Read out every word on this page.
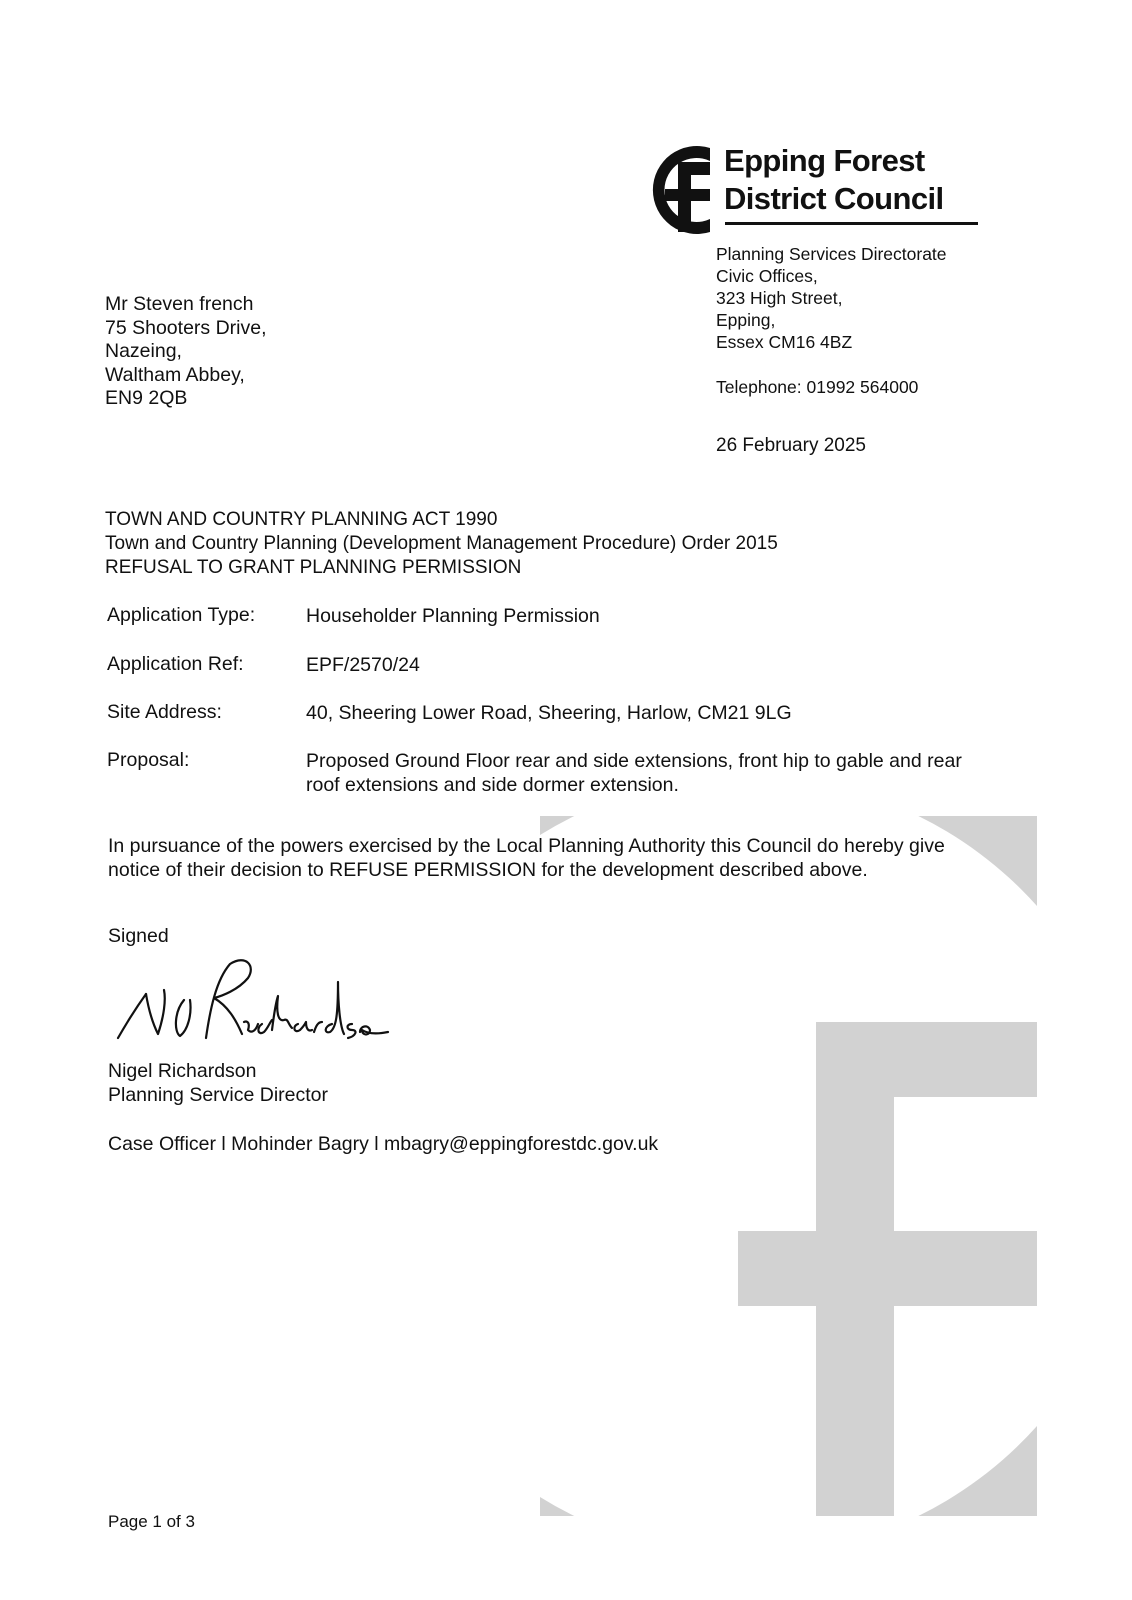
Epping Forest
District Council
Planning Services Directorate
Civic Offices,
323 High Street,
Epping,
Essex CM16 4BZ
Telephone: 01992 564000
26 February 2025
Mr Steven french
75 Shooters Drive,
Nazeing,
Waltham Abbey,
EN9 2QB
TOWN AND COUNTRY PLANNING ACT 1990
Town and Country Planning (Development Management Procedure) Order 2015
REFUSAL TO GRANT PLANNING PERMISSION
Application Type:	Householder Planning Permission
Application Ref:	EPF/2570/24
Site Address:	40, Sheering Lower Road, Sheering, Harlow, CM21 9LG
Proposal:	Proposed Ground Floor rear and side extensions, front hip to gable and rear
roof extensions and side dormer extension.
In pursuance of the powers exercised by the Local Planning Authority this Council do hereby give
notice of their decision to REFUSE PERMISSION for the development described above.
Signed
Nigel Richardson
Planning Service Director
Case Officer l Mohinder Bagry l mbagry@eppingforestdc.gov.uk
Page 1 of 3
